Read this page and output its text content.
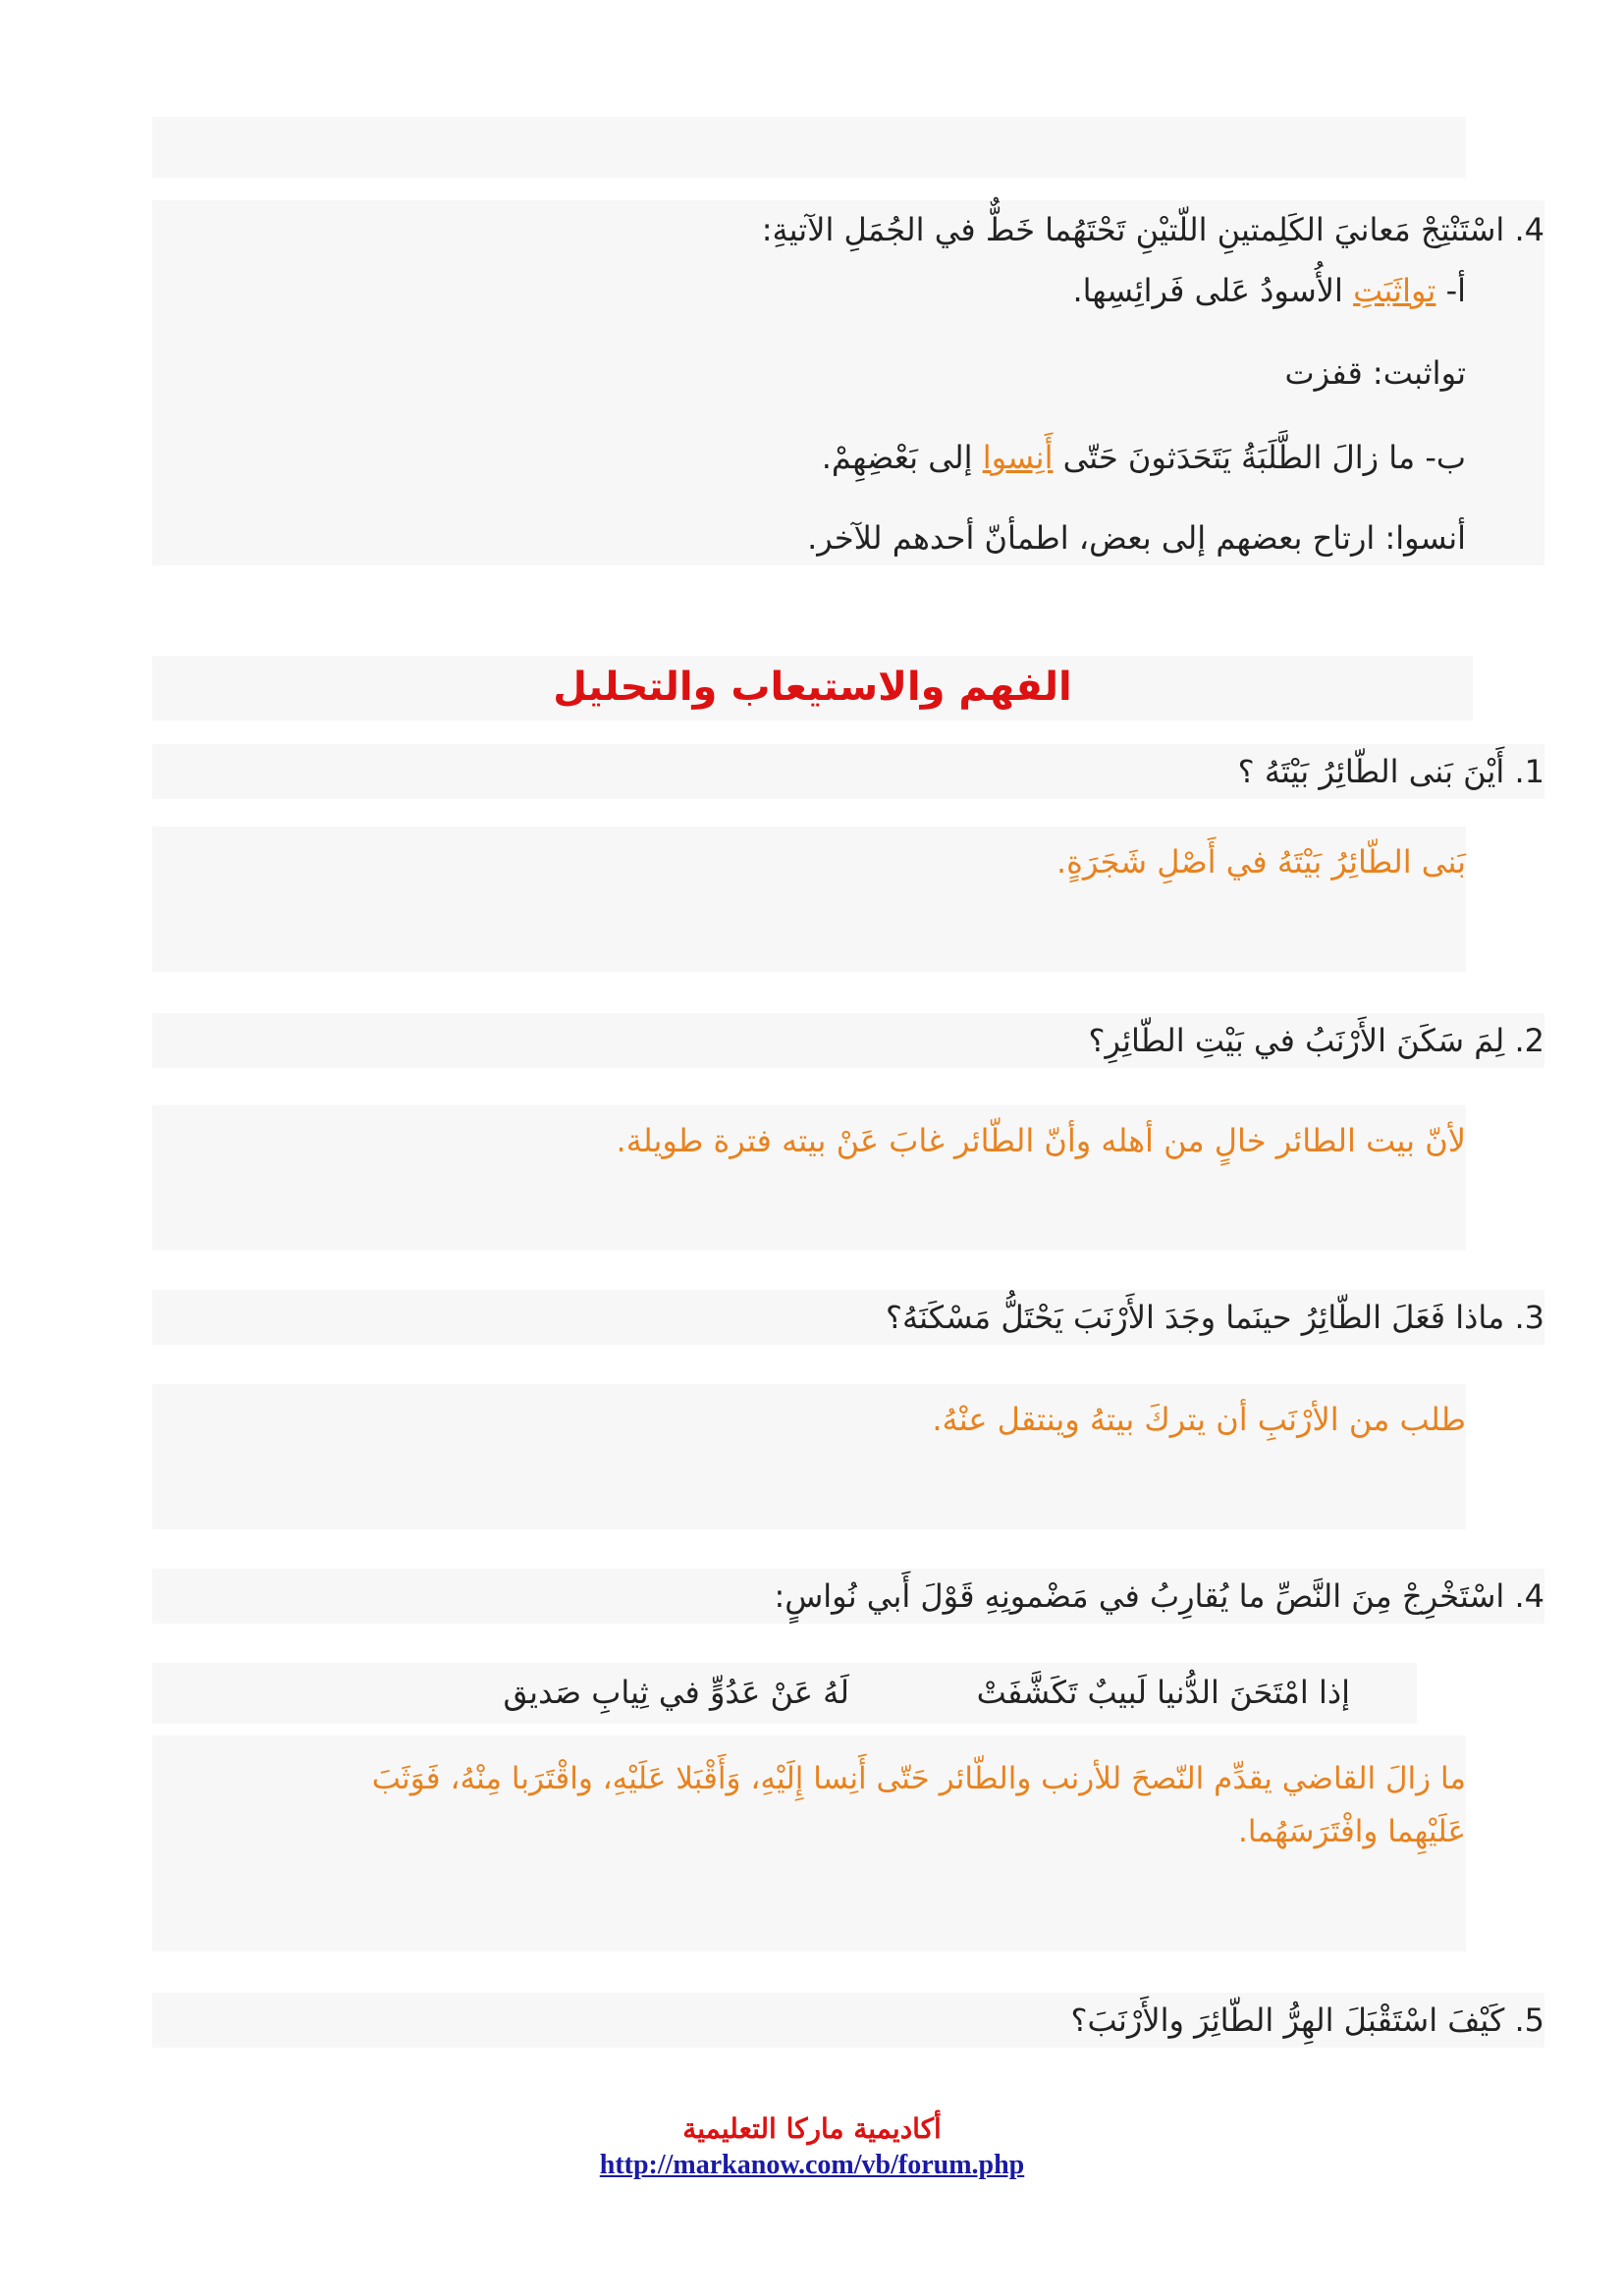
4. اسْتَنْتِجْ مَعانيَ الكَلِمتينِ اللّتيْنِ تَحْتَهُما خَطٌّ في الجُمَلِ الآتيةِ:
أ- تواثَبَتِ الأُسودُ عَلى فَرائِسِها.
تواثبت: قفزت
ب- ما زالَ الطَّلَبَةُ يَتَحَدَثونَ حَتّى أَنِسوا إلى بَعْضِهِمْ.
أنسوا: ارتاح بعضهم إلى بعض، اطمأنّ أحدهم للآخر.
الفهم والاستيعاب والتحليل
1. أَيْنَ بَنى الطّائِرُ بَيْتَهُ ؟
بَنى الطّائِرُ بَيْتَهُ في أَصْلِ شَجَرَةٍ.
2. لِمَ سَكَنَ الأَرْنَبُ في بَيْتِ الطّائِرِ؟
لأنّ بيت الطائر خالٍ من أهله وأنّ الطّائر غابَ عَنْ بيته فترة طويلة.
3. ماذا فَعَلَ الطّائِرُ حينَما وجَدَ الأَرْنَبَ يَحْتَلُّ مَسْكَنَهُ؟
طلب من الأرْنَبِ أن يتركَ بيتهُ وينتقل عنْهُ.
4. اسْتَخْرِجْ مِنَ النَّصِّ ما يُقارِبُ في مَضْمونِهِ قَوْلَ أَبي نُواسٍ:
إذا امْتَحَنَ الدُّنيا لَبيبٌ تَكَشَّفَتْ
لَهُ عَنْ عَدُوٍّ في ثِيابِ صَديق
ما زالَ القاضي يقدِّم النّصحَ للأرنب والطّائر حَتّى أَنِسا إِلَيْهِ، وَأَقْبَلا عَلَيْهِ، واقْتَرَبا مِنْهُ، فَوَثَبَ
عَلَيْهِما وافْتَرَسَهُما.
5. كَيْفَ اسْتَقْبَلَ الهِرُّ الطّائِرَ والأَرْنَبَ؟
أكاديمية ماركا التعليمية
http://markanow.com/vb/forum.php
